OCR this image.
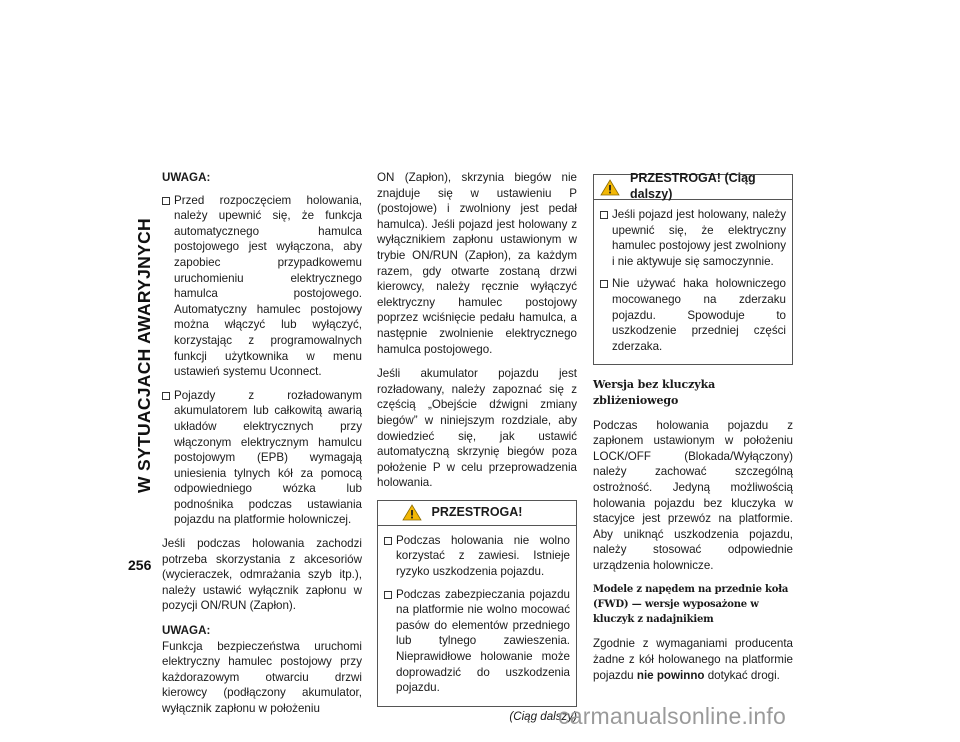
W SYTUACJACH AWARYJNYCH
256
UWAGA:
Przed rozpoczęciem holowania, należy upewnić się, że funkcja automatycznego hamulca postojowego jest wyłączona, aby zapobiec przypadkowemu uruchomieniu elektrycznego hamulca postojowego. Automatyczny hamulec postojowy można włączyć lub wyłączyć, korzystając z programowalnych funkcji użytkownika w menu ustawień systemu Uconnect.
Pojazdy z rozładowanym akumulatorem lub całkowitą awarią układów elektrycznych przy włączonym elektrycznym hamulcu postojowym (EPB) wymagają uniesienia tylnych kół za pomocą odpowiedniego wózka lub podnośnika podczas ustawiania pojazdu na platformie holowniczej.

Jeśli podczas holowania zachodzi potrzeba skorzystania z akcesoriów (wycieraczek, odmrażania szyb itp.), należy ustawić wyłącznik zapłonu w pozycji ON/RUN (Zapłon).

UWAGA:

Funkcja bezpieczeństwa uruchomi elektryczny hamulec postojowy przy każdorazowym otwarciu drzwi kierowcy (podłączony akumulator, wyłącznik zapłonu w położeniu

ON (Zapłon), skrzynia biegów nie znajduje się w ustawieniu P (postojowe) i zwolniony jest pedał hamulca). Jeśli pojazd jest holowany z wyłącznikiem zapłonu ustawionym w trybie ON/RUN (Zapłon), za każdym razem, gdy otwarte zostaną drzwi kierowcy, należy ręcznie wyłączyć elektryczny hamulec postojowy poprzez wciśnięcie pedału hamulca, a następnie zwolnienie elektrycznego hamulca postojowego.

Jeśli akumulator pojazdu jest rozładowany, należy zapoznać się z częścią „Obejście dźwigni zmiany biegów” w niniejszym rozdziale, aby dowiedzieć się, jak ustawić automatyczną skrzynię biegów poza położenie P w celu przeprowadzenia holowania.

PRZESTROGA!
Podczas holowania nie wolno korzystać z zawiesi. Istnieje ryzyko uszkodzenia pojazdu.
Podczas zabezpieczania pojazdu na platformie nie wolno mocować pasów do elementów przedniego lub tylnego zawieszenia. Nieprawidłowe holowanie może doprowadzić do uszkodzenia pojazdu.
(Ciąg dalszy)
PRZESTROGA! (Ciąg dalszy)
Jeśli pojazd jest holowany, należy upewnić się, że elektryczny hamulec postojowy jest zwolniony i nie aktywuje się samoczynnie.
Nie używać haka holowniczego mocowanego na zderzaku pojazdu. Spowoduje to uszkodzenie przedniej części zderzaka.
Wersja bez kluczyka zbliżeniowego

Podczas holowania pojazdu z zapłonem ustawionym w położeniu LOCK/OFF (Blokada/Wyłączony) należy zachować szczególną ostrożność. Jedyną możliwością holowania pojazdu bez kluczyka w stacyjce jest przewóz na platformie. Aby uniknąć uszkodzenia pojazdu, należy stosować odpowiednie urządzenia holownicze.

Modele z napędem na przednie koła (FWD) — wersje wyposażone w kluczyk z nadajnikiem

Zgodnie z wymaganiami producenta żadne z kół holowanego na platformie pojazdu nie powinno dotykać drogi.

carmanualsonline.info
